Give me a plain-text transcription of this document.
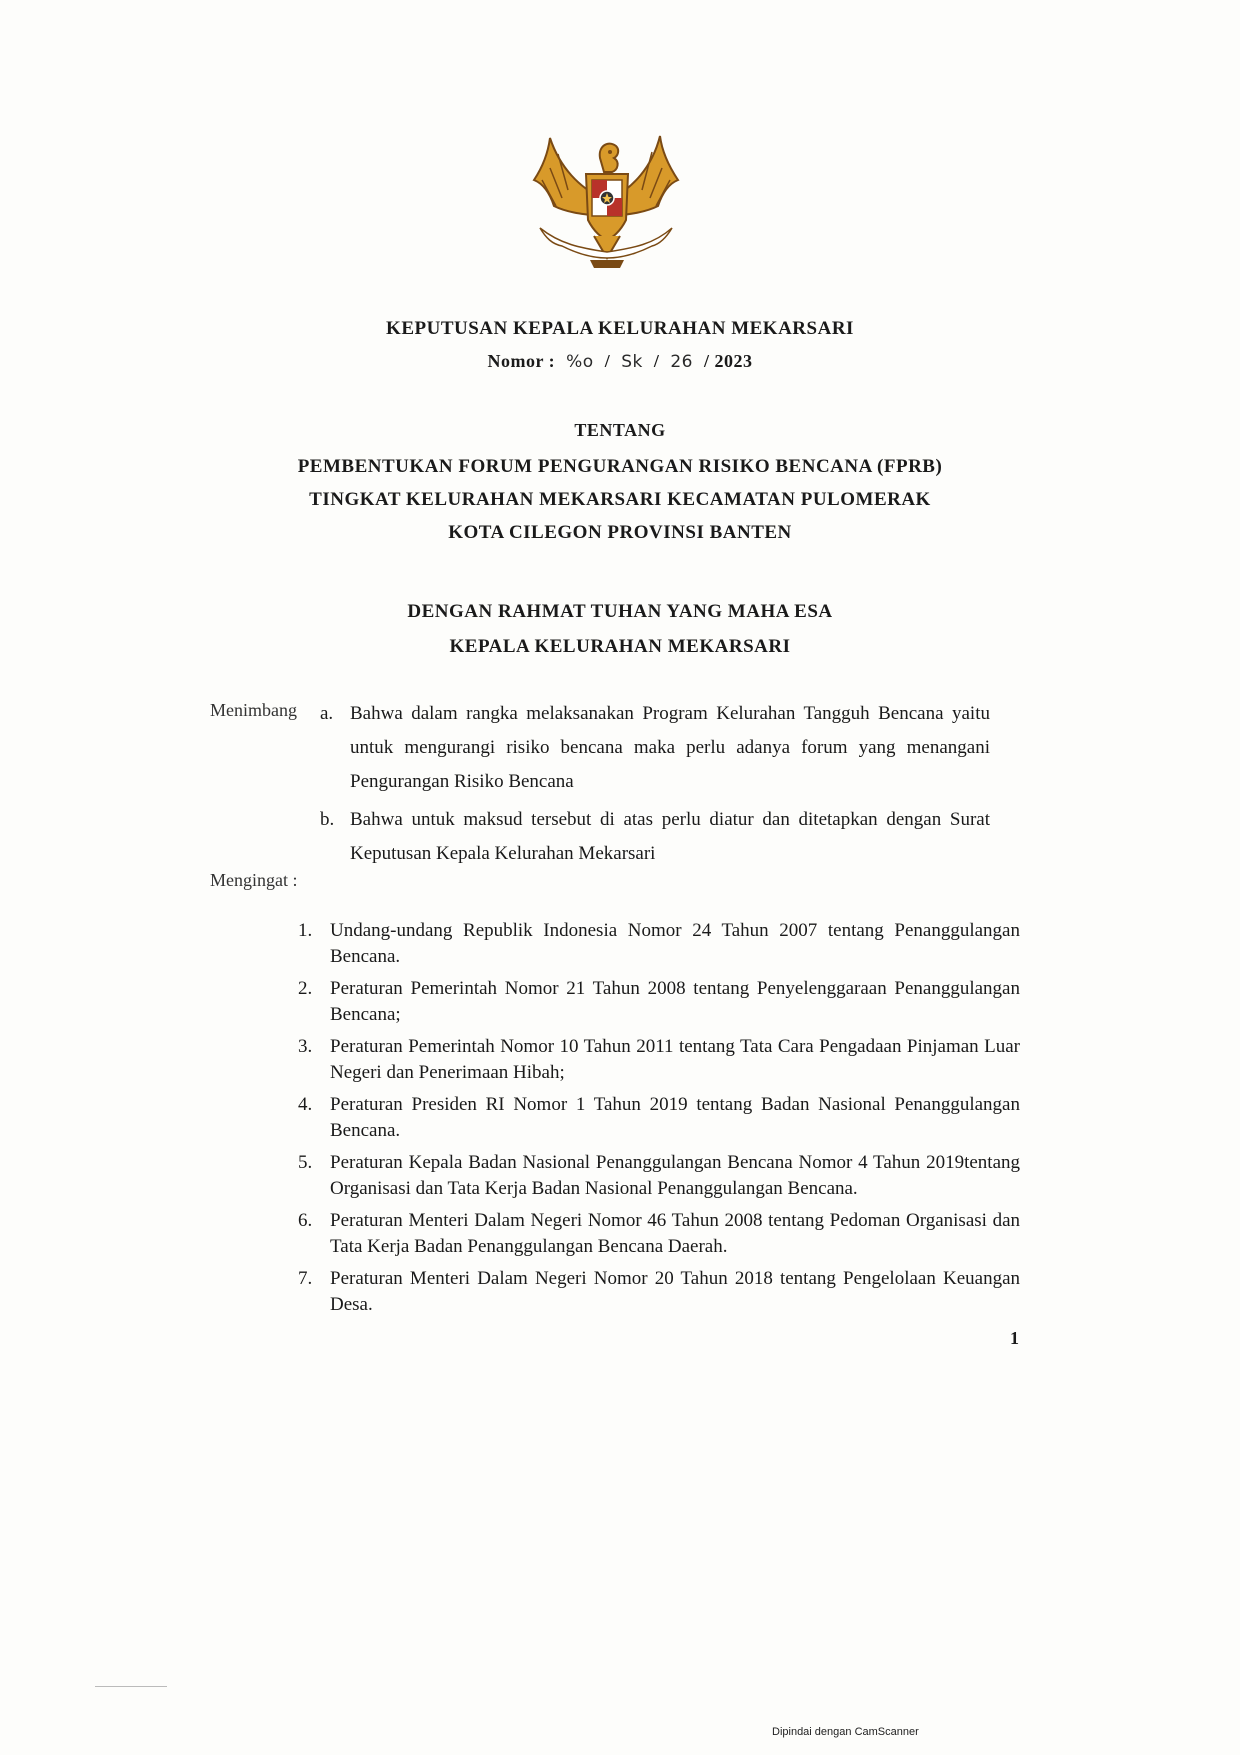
KEPUTUSAN KEPALA KELURAHAN MEKARSARI
Nomor : %o / Sk / 26 / 2023
TENTANG
PEMBENTUKAN FORUM PENGURANGAN RISIKO BENCANA (FPRB)
TINGKAT KELURAHAN MEKARSARI KECAMATAN PULOMERAK
KOTA CILEGON PROVINSI BANTEN
DENGAN RAHMAT TUHAN YANG MAHA ESA
KEPALA KELURAHAN MEKARSARI
Menimbang a. Bahwa dalam rangka melaksanakan Program Kelurahan Tangguh Bencana yaitu untuk mengurangi risiko bencana maka perlu adanya forum yang menangani Pengurangan Risiko Bencana
b. Bahwa untuk maksud tersebut di atas perlu diatur dan ditetapkan dengan Surat Keputusan Kepala Kelurahan Mekarsari
Mengingat :
1. Undang-undang Republik Indonesia Nomor 24 Tahun 2007 tentang Penanggulangan Bencana.
2. Peraturan Pemerintah Nomor 21 Tahun 2008 tentang Penyelenggaraan Penanggulangan Bencana;
3. Peraturan Pemerintah Nomor 10 Tahun 2011 tentang Tata Cara Pengadaan Pinjaman Luar Negeri dan Penerimaan Hibah;
4. Peraturan Presiden RI Nomor 1 Tahun 2019 tentang Badan Nasional Penanggulangan Bencana.
5. Peraturan Kepala Badan Nasional Penanggulangan Bencana Nomor 4 Tahun 2019tentang Organisasi dan Tata Kerja Badan Nasional Penanggulangan Bencana.
6. Peraturan Menteri Dalam Negeri Nomor 46 Tahun 2008 tentang Pedoman Organisasi dan Tata Kerja Badan Penanggulangan Bencana Daerah.
7. Peraturan Menteri Dalam Negeri Nomor 20 Tahun 2018 tentang Pengelolaan Keuangan Desa.
1
Dipindai dengan CamScanner
